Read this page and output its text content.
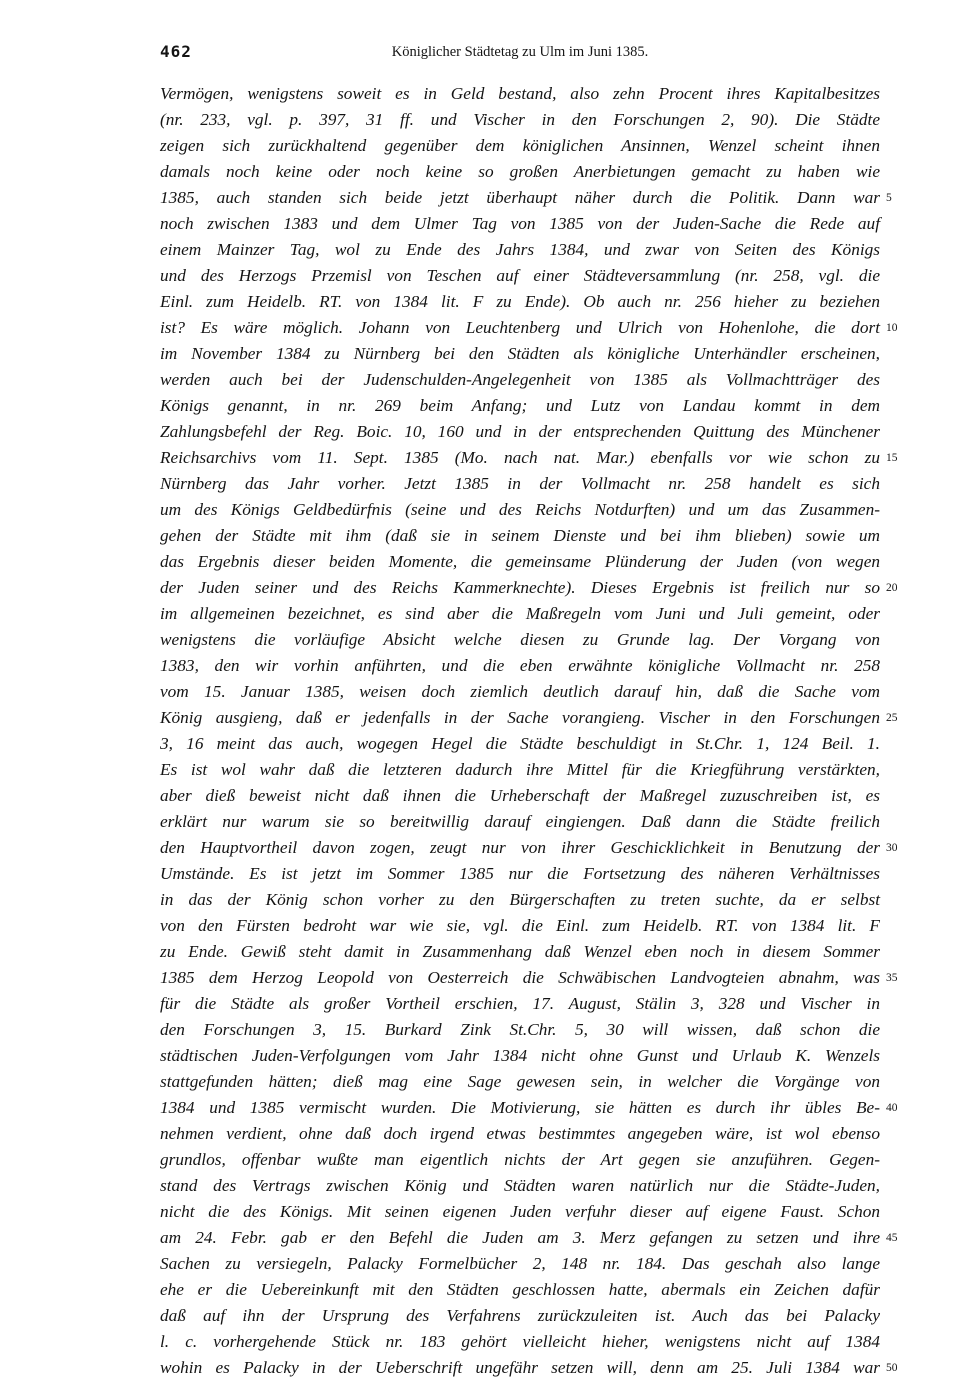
462	Königlicher Städtetag zu Ulm im Juni 1385.
Vermögen, wenigstens soweit es in Geld bestand, also zehn Procent ihres Kapitalbesitzes
(nr. 233, vgl. p. 397, 31 ff. und Vischer in den Forschungen 2, 90). Die Städte
zeigen sich zurückhaltend gegenüber dem königlichen Ansinnen, Wenzel scheint ihnen
damals noch keine oder noch keine so großen Anerbietungen gemacht zu haben wie
1385, auch standen sich beide jetzt überhaupt näher durch die Politik. Dann war 5
noch zwischen 1383 und dem Ulmer Tag von 1385 von der Juden-Sache die Rede auf
einem Mainzer Tag, wol zu Ende des Jahrs 1384, und zwar von Seiten des Königs
und des Herzogs Przemisl von Teschen auf einer Städteversammlung (nr. 258, vgl. die
Einl. zum Heidelb. RT. von 1384 lit. F zu Ende). Ob auch nr. 256 hieher zu beziehen
ist? Es wäre möglich. Johann von Leuchtenberg und Ulrich von Hohenlohe, die dort 10
im November 1384 zu Nürnberg bei den Städten als königliche Unterhändler erscheinen,
werden auch bei der Judenschulden-Angelegenheit von 1385 als Vollmachtträger des
Königs genannt, in nr. 269 beim Anfang; und Lutz von Landau kommt in dem
Zahlungsbefehl der Reg. Boic. 10, 160 und in der entsprechenden Quittung des Münchener
Reichsarchivs vom 11. Sept. 1385 (Mo. nach nat. Mar.) ebenfalls vor wie schon zu 15
Nürnberg das Jahr vorher. Jetzt 1385 in der Vollmacht nr. 258 handelt es sich
um des Königs Geldbedürfnis (seine und des Reichs Notdurften) und um das Zusammen-
gehen der Städte mit ihm (daß sie in seinem Dienste und bei ihm blieben) sowie um
das Ergebnis dieser beiden Momente, die gemeinsame Plünderung der Juden (von wegen
der Juden seiner und des Reichs Kammerknechte). Dieses Ergebnis ist freilich nur so 20
im allgemeinen bezeichnet, es sind aber die Maßregeln vom Juni und Juli gemeint, oder
wenigstens die vorläufige Absicht welche diesen zu Grunde lag. Der Vorgang von
1383, den wir vorhin anführten, und die eben erwähnte königliche Vollmacht nr. 258
vom 15. Januar 1385, weisen doch ziemlich deutlich darauf hin, daß die Sache vom
König ausgieng, daß er jedenfalls in der Sache vorangieng. Vischer in den Forschungen 25
3, 16 meint das auch, wogegen Hegel die Städte beschuldigt in St.Chr. 1, 124 Beil. 1.
Es ist wol wahr daß die letzteren dadurch ihre Mittel für die Kriegführung verstärkten,
aber dieß beweist nicht daß ihnen die Urheberschaft der Maßregel zuzuschreiben ist, es
erklärt nur warum sie so bereitwillig darauf eingiengen. Daß dann die Städte freilich
den Hauptvortheil davon zogen, zeugt nur von ihrer Geschicklichkeit in Benutzung der 30
Umstände. Es ist jetzt im Sommer 1385 nur die Fortsetzung des näheren Verhältnisses
in das der König schon vorher zu den Bürgerschaften zu treten suchte, da er selbst
von den Fürsten bedroht war wie sie, vgl. die Einl. zum Heidelb. RT. von 1384 lit. F
zu Ende. Gewiß steht damit in Zusammenhang daß Wenzel eben noch in diesem Sommer
1385 dem Herzog Leopold von Oesterreich die Schwäbischen Landvogteien abnahm, was 35
für die Städte als großer Vortheil erschien, 17. August, Stälin 3, 328 und Vischer in
den Forschungen 3, 15. Burkard Zink St.Chr. 5, 30 will wissen, daß schon die
städtischen Juden-Verfolgungen vom Jahr 1384 nicht ohne Gunst und Urlaub K. Wenzels
stattgefunden hätten; dieß mag eine Sage gewesen sein, in welcher die Vorgänge von
1384 und 1385 vermischt wurden. Die Motivierung, sie hätten es durch ihr übles Be- 40
nehmen verdient, ohne daß doch irgend etwas bestimmtes angegeben wäre, ist wol ebenso
grundlos, offenbar wußte man eigentlich nichts der Art gegen sie anzuführen. Gegen-
stand des Vertrags zwischen König und Städten waren natürlich nur die Städte-Juden,
nicht die des Königs. Mit seinen eigenen Juden verfuhr dieser auf eigene Faust. Schon
am 24. Febr. gab er den Befehl die Juden am 3. Merz gefangen zu setzen und ihre 45
Sachen zu versiegeln, Palacky Formelbücher 2, 148 nr. 184. Das geschah also lange
ehe er die Uebereinkunft mit den Städten geschlossen hatte, abermals ein Zeichen dafür
daß auf ihn der Ursprung des Verfahrens zurückzuleiten ist. Auch das bei Palacky
l. c. vorhergehende Stück nr. 183 gehört vielleicht hieher, wenigstens nicht auf 1384
wohin es Palacky in der Ueberschrift ungefähr setzen will, denn am 25. Juli 1384 war 50
